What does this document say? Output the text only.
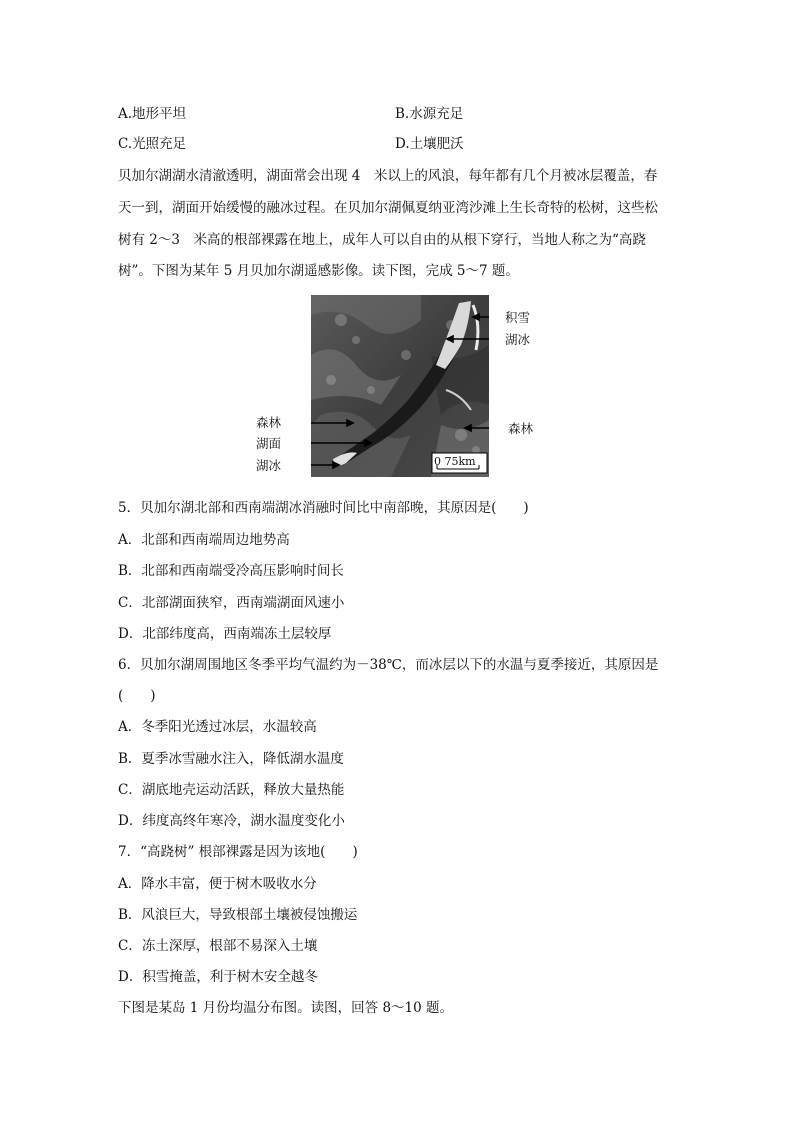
A.地形平坦	B.水源充足
C.光照充足	D.土壤肥沃
贝加尔湖湖水清澈透明，湖面常会出现 4　米以上的风浪，每年都有几个月被冰层覆盖，春
天一到，湖面开始缓慢的融冰过程。在贝加尔湖佩夏纳亚湾沙滩上生长奇特的松树，这些松
树有 2～3　米高的根部裸露在地上，成年人可以自由的从根下穿行，当地人称之为“高跷
树”。下图为某年 5 月贝加尔湖遥感影像。读下图，完成 5～7 题。
0 75km
积雪
湖冰
森林
湖面
湖冰
森林
5．贝加尔湖北部和西南端湖冰消融时间比中南部晚，其原因是(　　)
A．北部和西南端周边地势高
B．北部和西南端受冷高压影响时间长
C．北部湖面狭窄，西南端湖面风速小
D．北部纬度高，西南端冻土层较厚
6．贝加尔湖周围地区冬季平均气温约为－38℃，而冰层以下的水温与夏季接近，其原因是
(　　)
A．冬季阳光透过冰层，水温较高
B．夏季冰雪融水注入，降低湖水温度
C．湖底地壳运动活跃，释放大量热能
D．纬度高终年寒冷，湖水温度变化小
7．“高跷树” 根部裸露是因为该地(　　)
A．降水丰富，便于树木吸收水分
B．风浪巨大，导致根部土壤被侵蚀搬运
C．冻土深厚，根部不易深入土壤
D．积雪掩盖，利于树木安全越冬
下图是某岛 1 月份均温分布图。读图，回答 8～10 题。
